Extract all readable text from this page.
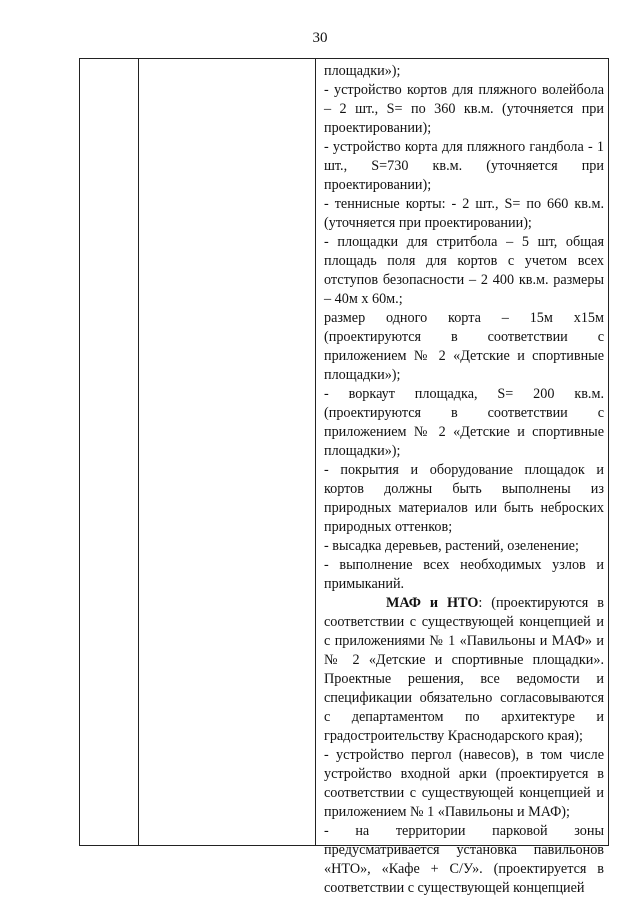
30

площадки»);

- устройство кортов для пляжного волейбола – 2 шт., S= по 360 кв.м. (уточняется при проектировании);

- устройство корта для пляжного гандбола - 1 шт., S=730 кв.м. (уточняется при проектировании);

- теннисные корты: - 2 шт., S= по 660 кв.м. (уточняется при проектировании);

- площадки для стритбола – 5 шт, общая площадь поля для кортов с учетом всех отступов безопасности – 2 400 кв.м. размеры – 40м х 60м.;

размер одного корта – 15м х15м (проектируются в соответствии с приложением № 2 «Детские и спортивные площадки»);

- воркаут площадка, S= 200 кв.м. (проектируются в соответствии с приложением № 2 «Детские и спортивные площадки»);

- покрытия и оборудование площадок и кортов должны быть выполнены из природных материалов или быть неброских природных оттенков;

- высадка деревьев, растений, озеленение;

- выполнение всех необходимых узлов и примыканий.

МАФ и НТО: (проектируются в соответствии с существующей концепцией и с приложениями № 1 «Павильоны и МАФ» и № 2 «Детские и спортивные площадки». Проектные решения, все ведомости и спецификации обязательно согласовываются с департаментом по архитектуре и градостроительству Краснодарского края);

- устройство пергол (навесов), в том числе устройство входной арки (проектируется в соответствии с существующей концепцией и приложением № 1 «Павильоны и МАФ);

- на территории парковой зоны предусматривается установка павильонов «НТО», «Кафе + С/У». (проектируется в соответствии с существующей концепцией
